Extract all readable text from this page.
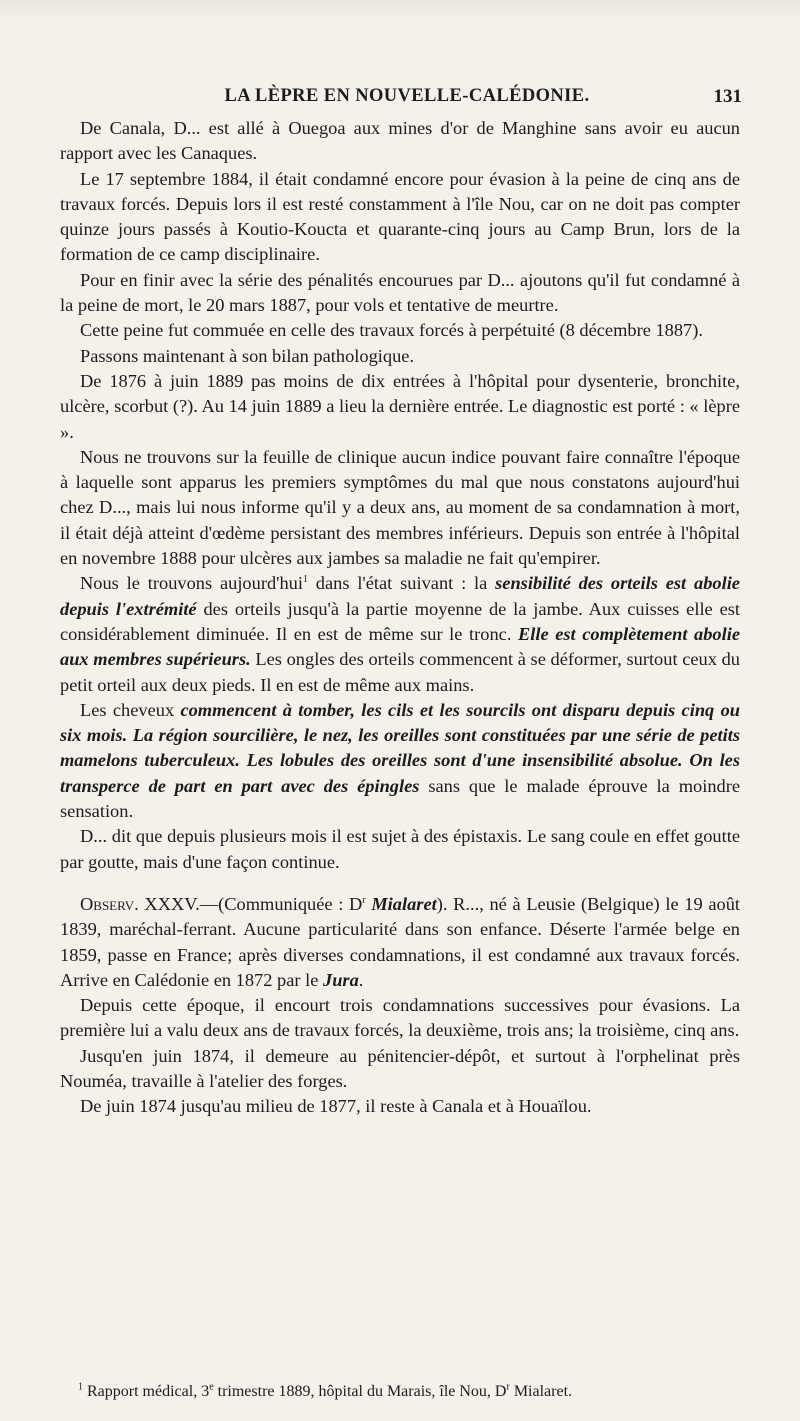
LA LÈPRE EN NOUVELLE-CALÉDONIE.	131

De Canala, D... est allé à Ouegoa aux mines d'or de Manghine sans avoir eu aucun rapport avec les Canaques.

Le 17 septembre 1884, il était condamné encore pour évasion à la peine de cinq ans de travaux forcés. Depuis lors il est resté constamment à l'île Nou, car on ne doit pas compter quinze jours passés à Koutio-Koucta et quarante-cinq jours au Camp Brun, lors de la formation de ce camp disciplinaire.

Pour en finir avec la série des pénalités encourues par D... ajoutons qu'il fut condamné à la peine de mort, le 20 mars 1887, pour vols et tentative de meurtre.

Cette peine fut commuée en celle des travaux forcés à perpétuité (8 décembre 1887).

Passons maintenant à son bilan pathologique.

De 1876 à juin 1889 pas moins de dix entrées à l'hôpital pour dysenterie, bronchite, ulcère, scorbut (?). Au 14 juin 1889 a lieu la dernière entrée. Le diagnostic est porté : « lèpre ».

Nous ne trouvons sur la feuille de clinique aucun indice pouvant faire connaître l'époque à laquelle sont apparus les premiers symptômes du mal que nous constatons aujourd'hui chez D..., mais lui nous informe qu'il y a deux ans, au moment de sa condamnation à mort, il était déjà atteint d'œdème persistant des membres inférieurs. Depuis son entrée à l'hôpital en novembre 1888 pour ulcères aux jambes sa maladie ne fait qu'empirer.

Nous le trouvons aujourd'hui$^1$ dans l'état suivant : la sensibilité des orteils est abolie depuis l'extrémité des orteils jusqu'à la partie moyenne de la jambe. Aux cuisses elle est considérablement diminuée. Il en est de même sur le tronc. Elle est complètement abolie aux membres supérieurs. Les ongles des orteils commencent à se déformer, surtout ceux du petit orteil aux deux pieds. Il en est de même aux mains.

Les cheveux commencent à tomber, les cils et les sourcils ont disparu depuis cinq ou six mois. La région sourcilière, le nez, les oreilles sont constituées par une série de petits mamelons tuberculeux. Les lobules des oreilles sont d'une insensibilité absolue. On les transperce de part en part avec des épingles sans que le malade éprouve la moindre sensation.

D... dit que depuis plusieurs mois il est sujet à des épistaxis. Le sang coule en effet goutte par goutte, mais d'une façon continue.

Observ. XXXV.—(Communiquée : $D^r$ Mialaret). R..., né à Leusie (Belgique) le 19 août 1839, maréchal-ferrant. Aucune particularité dans son enfance. Déserte l'armée belge en 1859, passe en France; après diverses condamnations, il est condamné aux travaux forcés. Arrive en Calédonie en 1872 par le Jura.

Depuis cette époque, il encourt trois condamnations successives pour évasions. La première lui a valu deux ans de travaux forcés, la deuxième, trois ans; la troisième, cinq ans.

Jusqu'en juin 1874, il demeure au pénitencier-dépôt, et surtout à l'orphelinat près Nouméa, travaille à l'atelier des forges.

De juin 1874 jusqu'au milieu de 1877, il reste à Canala et à Houaïlou.

$^1$ Rapport médical, 3e trimestre 1889, hôpital du Marais, île Nou, $D^r$ Mialaret.
